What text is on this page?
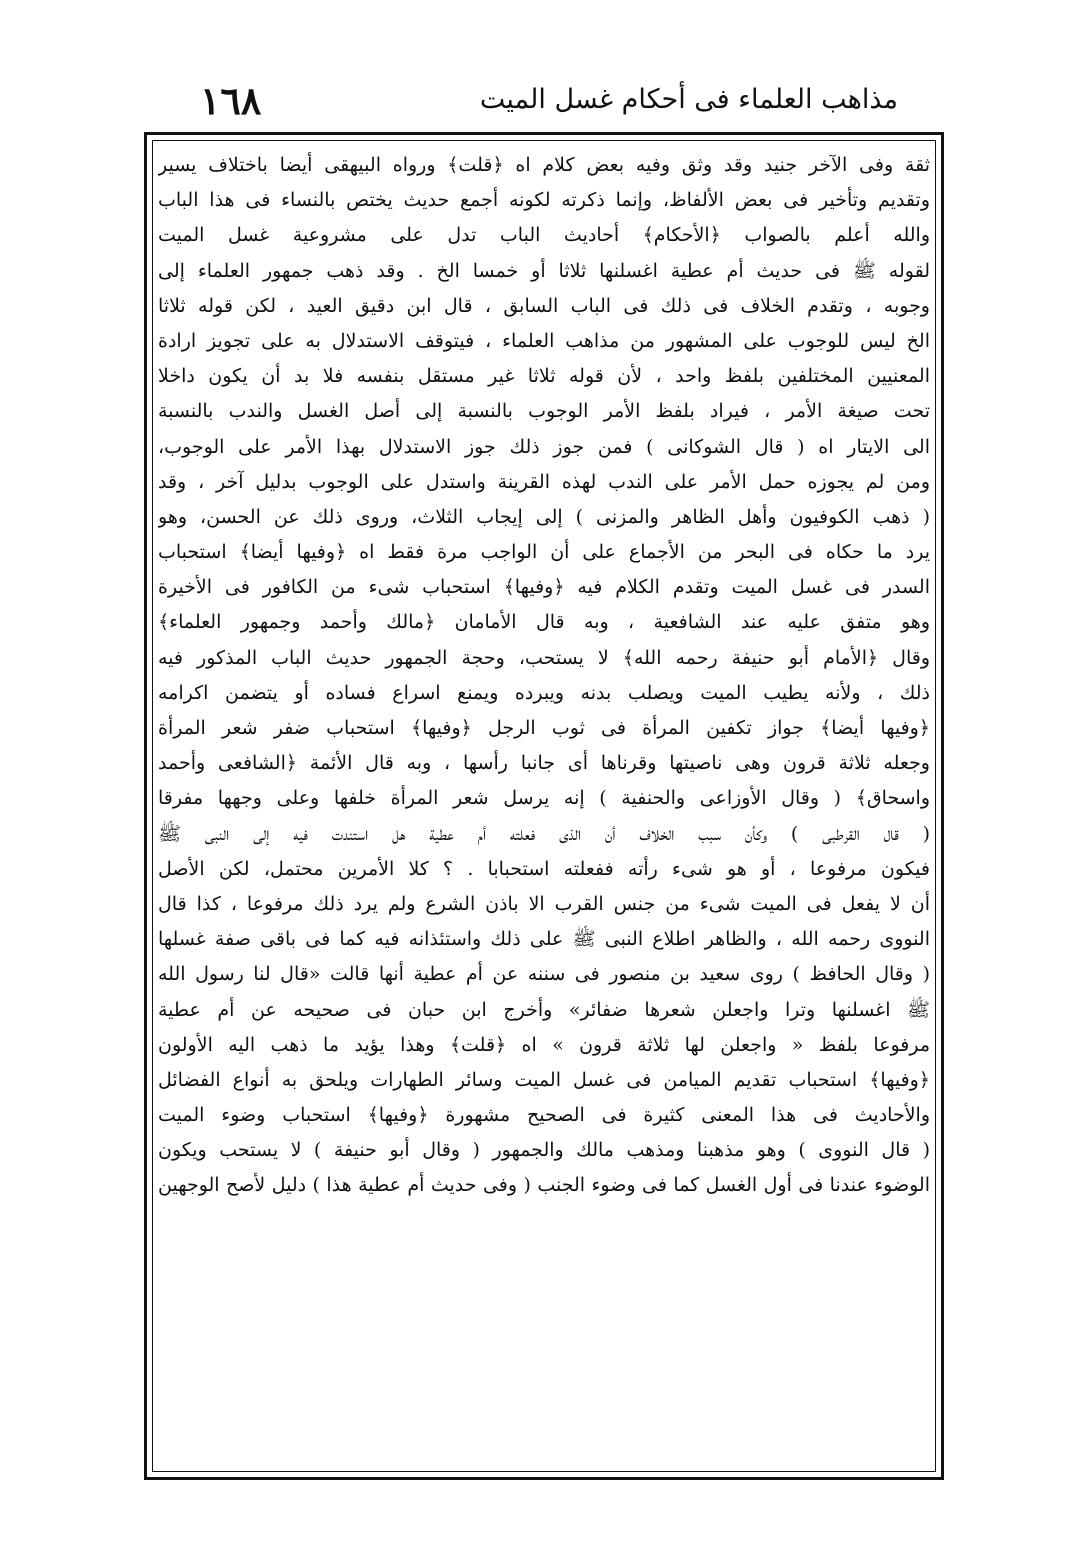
١٦٨	مذاهب العلماء فى أحكام غسل الميت
ثقة وفى الآخر جنيد وقد وثق وفيه بعض كلام اه ﴿قلت﴾ ورواه البيهقى أيضا باختلاف يسير
وتقديم وتأخير فى بعض الألفاظ، وإنما ذكرته لكونه أجمع حديث يختص بالنساء فى هذا الباب
والله أعلم بالصواب ﴿الأحكام﴾ أحاديث الباب تدل على مشروعية غسل الميت
لقوله ﷺ فى حديث أم عطية اغسلنها ثلاثا أو خمسا الخ . وقد ذهب جمهور العلماء إلى
وجوبه ، وتقدم الخلاف فى ذلك فى الباب السابق ، قال ابن دقيق العيد ، لكن قوله ثلاثا
الخ ليس للوجوب على المشهور من مذاهب العلماء ، فيتوقف الاستدلال به على تجويز ارادة
المعنيين المختلفين بلفظ واحد ، لأن قوله ثلاثا غير مستقل بنفسه فلا بد أن يكون داخلا
تحت صيغة الأمر ، فيراد بلفظ الأمر الوجوب بالنسبة إلى أصل الغسل والندب بالنسبة
الى الايتار اه ( قال الشوكانى ) فمن جوز ذلك جوز الاستدلال بهذا الأمر على الوجوب،
ومن لم يجوزه حمل الأمر على الندب لهذه القرينة واستدل على الوجوب بدليل آخر ، وقد
( ذهب الكوفيون وأهل الظاهر والمزنى ) إلى إيجاب الثلاث، وروى ذلك عن الحسن، وهو
يرد ما حكاه فى البحر من الأجماع على أن الواجب مرة فقط اه ﴿وفيها أيضا﴾ استحباب
السدر فى غسل الميت وتقدم الكلام فيه ﴿وفيها﴾ استحباب شىء من الكافور فى الأخيرة
وهو متفق عليه عند الشافعية ، وبه قال الأمامان ﴿مالك وأحمد وجمهور العلماء﴾
وقال ﴿الأمام أبو حنيفة رحمه الله﴾ لا يستحب، وحجة الجمهور حديث الباب المذكور فيه
ذلك ، ولأنه يطيب الميت ويصلب بدنه ويبرده ويمنع اسراع فساده أو يتضمن اكرامه
﴿وفيها أيضا﴾ جواز تكفين المرأة فى ثوب الرجل ﴿وفيها﴾ استحباب ضفر شعر المرأة
وجعله ثلاثة قرون وهى ناصيتها وقرناها أى جانبا رأسها ، وبه قال الأئمة ﴿الشافعى وأحمد
واسحاق﴾ ( وقال الأوزاعى والحنفية ) إنه يرسل شعر المرأة خلفها وعلى وجهها مفرقا
( قال القرطبى ) وكأن سبب الخلاف أن الذى فعلته أم عطية هل استندت فيه إلى النبى ﷺ
فيكون مرفوعا ، أو هو شىء رأته ففعلته استحبابا . ؟ كلا الأمرين محتمل، لكن الأصل
أن لا يفعل فى الميت شىء من جنس القرب الا باذن الشرع ولم يرد ذلك مرفوعا ، كذا قال
النووى رحمه الله ، والظاهر اطلاع النبى ﷺ على ذلك واستئذانه فيه كما فى باقى صفة غسلها
( وقال الحافظ ) روى سعيد بن منصور فى سننه عن أم عطية أنها قالت «قال لنا رسول الله
ﷺ اغسلنها وترا واجعلن شعرها ضفائر» وأخرج ابن حبان فى صحيحه عن أم عطية
مرفوعا بلفظ « واجعلن لها ثلاثة قرون » اه ﴿قلت﴾ وهذا يؤيد ما ذهب اليه الأولون
﴿وفيها﴾ استحباب تقديم الميامن فى غسل الميت وسائر الطهارات ويلحق به أنواع الفضائل
والأحاديث فى هذا المعنى كثيرة فى الصحيح مشهورة ﴿وفيها﴾ استحباب وضوء الميت
( قال النووى ) وهو مذهبنا ومذهب مالك والجمهور ( وقال أبو حنيفة ) لا يستحب ويكون
الوضوء عندنا فى أول الغسل كما فى وضوء الجنب ( وفى حديث أم عطية هذا ) دليل لأصح الوجهين
